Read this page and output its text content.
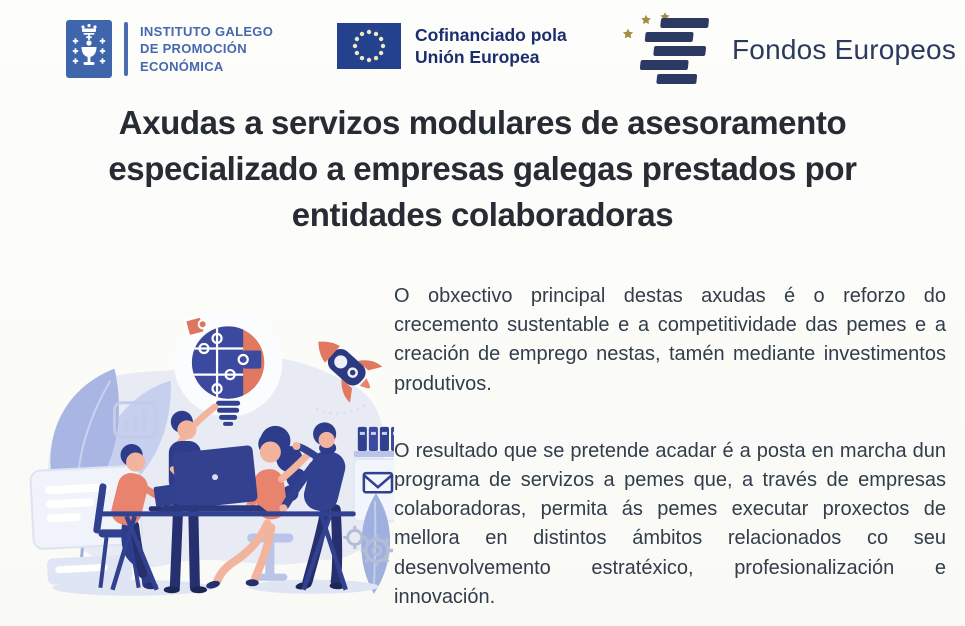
INSTITUTO GALEGO
DE PROMOCIÓN
ECONÓMICA
Cofinanciado pola
Unión Europea	Fondos Europeos
Axudas a servizos modulares de asesoramento
especializado a empresas galegas prestados por
entidades colaboradoras

O obxectivo principal destas axudas é o reforzo do crecemento sustentable e a competitividade das pemes e a creación de emprego nestas, tamén mediante investimentos produtivos.

O resultado que se pretende acadar é a posta en marcha dun programa de servizos a pemes que, a través de empresas colaboradoras, permita ás pemes executar proxectos de mellora en distintos ámbitos relacionados co seu desenvolvemento estratéxico, profesionalización e innovación.
